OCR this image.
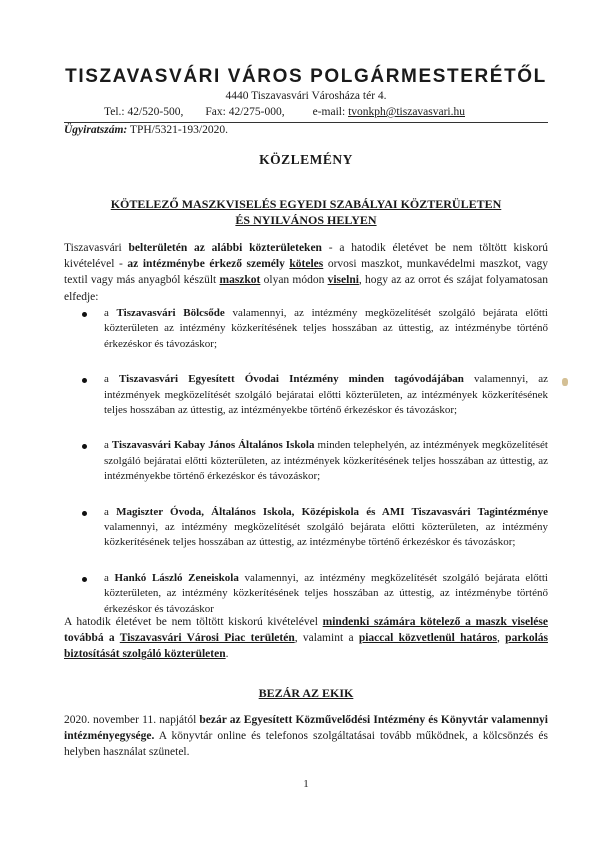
TISZAVASVÁRI VÁROS POLGÁRMESTERÉTŐL
4440 Tiszavasvári Városháza tér 4.
Tel.: 42/520-500, Fax: 42/275-000, e-mail: tvonkph@tiszavasvari.hu
Ügyiratszám: TPH/5321-193/2020.
KÖZLEMÉNY
KÖTELEZŐ MASZKVISELÉS EGYEDI SZABÁLYAI KÖZTERÜLETEN ÉS NYILVÁNOS HELYEN
Tiszavasvári belterületén az alábbi közterületeken - a hatodik életévet be nem töltött kiskorú kivételével - az intézménybe érkező személy köteles orvosi maszkot, munkavédelmi maszkot, vagy textil vagy más anyagból készült maszkot olyan módon viselni, hogy az az orrot és szájat folyamatosan elfedje:
a Tiszavasvári Bölcsőde valamennyi, az intézmény megközelítését szolgáló bejárata előtti közterületen az intézmény közkerítésének teljes hosszában az úttestig, az intézménybe történő érkezéskor és távozáskor;
a Tiszavasvári Egyesített Óvodai Intézmény minden tagóvodájában valamennyi, az intézmények megközelítését szolgáló bejáratai előtti közterületen, az intézmények közkerítésének teljes hosszában az úttestig, az intézményekbe történő érkezéskor és távozáskor;
a Tiszavasvári Kabay János Általános Iskola minden telephelyén, az intézmények megközelítését szolgáló bejáratai előtti közterületen, az intézmények közkerítésének teljes hosszában az úttestig, az intézményekbe történő érkezéskor és távozáskor;
a Magiszter Óvoda, Általános Iskola, Középiskola és AMI Tiszavasvári Tagintézménye valamennyi, az intézmény megközelítését szolgáló bejárata előtti közterületen, az intézmény közkerítésének teljes hosszában az úttestig, az intézménybe történő érkezéskor és távozáskor;
a Hankó László Zeneiskola valamennyi, az intézmény megközelítését szolgáló bejárata előtti közterületen, az intézmény közkerítésének teljes hosszában az úttestig, az intézménybe történő érkezéskor és távozáskor
A hatodik életévet be nem töltött kiskorú kivételével mindenki számára kötelező a maszk viselése továbbá a Tiszavasvári Városi Piac területén, valamint a piaccal közvetlenül határos, parkolás biztosítását szolgáló közterületen.
BEZÁR AZ EKIK
2020. november 11. napjától bezár az Egyesített Közművelődési Intézmény és Könyvtár valamennyi intézményegysége. A könyvtár online és telefonos szolgáltatásai tovább működnek, a kölcsönzés és helyben használat szünetel.
1
